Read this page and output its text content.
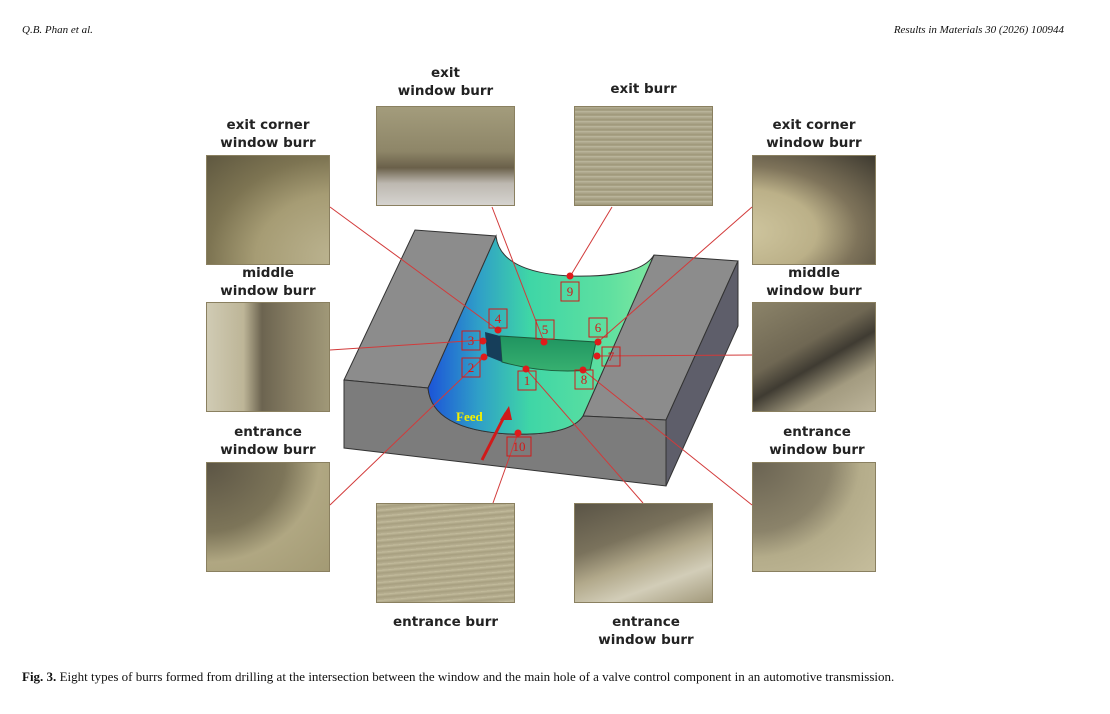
Q.B. Phan et al.	Results in Materials 30 (2026) 100944
Feed
1
2
3
4
5	6
7
8
9
10
exit
window burr	exit burr
exit corner
window burr
exit corner
window burr
middle
window burr
middle
window burr
entrance
window burr
entrance
window burr
entrance burr	entrance
window burr
Fig. 3. Eight types of burrs formed from drilling at the intersection between the window and the main hole of a valve control component in an automotive transmission.
